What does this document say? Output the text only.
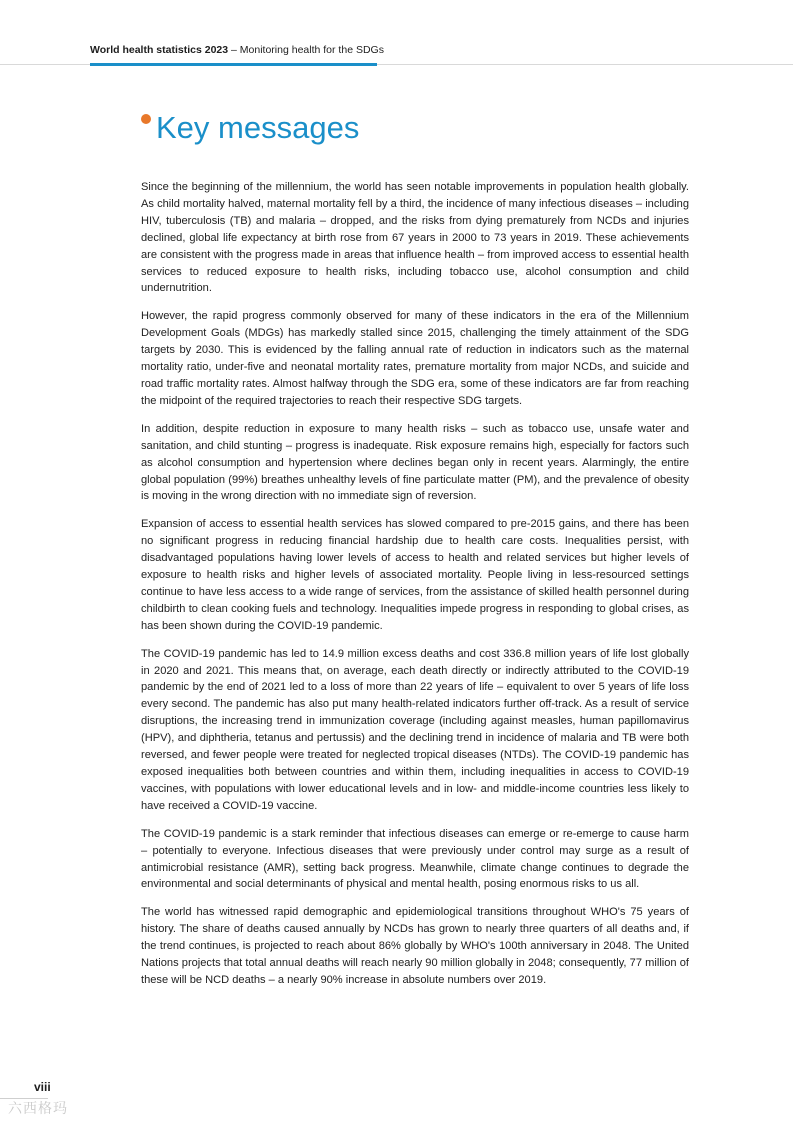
World health statistics 2023 – Monitoring health for the SDGs
Key messages

Since the beginning of the millennium, the world has seen notable improvements in population health globally. As child mortality halved, maternal mortality fell by a third, the incidence of many infectious diseases – including HIV, tuberculosis (TB) and malaria – dropped, and the risks from dying prematurely from NCDs and injuries declined, global life expectancy at birth rose from 67 years in 2000 to 73 years in 2019. These achievements are consistent with the progress made in areas that influence health – from improved access to essential health services to reduced exposure to health risks, including tobacco use, alcohol consumption and child undernutrition.

However, the rapid progress commonly observed for many of these indicators in the era of the Millennium Development Goals (MDGs) has markedly stalled since 2015, challenging the timely attainment of the SDG targets by 2030. This is evidenced by the falling annual rate of reduction in indicators such as the maternal mortality ratio, under-five and neonatal mortality rates, premature mortality from major NCDs, and suicide and road traffic mortality rates. Almost halfway through the SDG era, some of these indicators are far from reaching the midpoint of the required trajectories to reach their respective SDG targets.

In addition, despite reduction in exposure to many health risks – such as tobacco use, unsafe water and sanitation, and child stunting – progress is inadequate. Risk exposure remains high, especially for factors such as alcohol consumption and hypertension where declines began only in recent years. Alarmingly, the entire global population (99%) breathes unhealthy levels of fine particulate matter (PM), and the prevalence of obesity is moving in the wrong direction with no immediate sign of reversion.

Expansion of access to essential health services has slowed compared to pre-2015 gains, and there has been no significant progress in reducing financial hardship due to health care costs. Inequalities persist, with disadvantaged populations having lower levels of access to health and related services but higher levels of exposure to health risks and higher levels of associated mortality. People living in less-resourced settings continue to have less access to a wide range of services, from the assistance of skilled health personnel during childbirth to clean cooking fuels and technology. Inequalities impede progress in responding to global crises, as has been shown during the COVID-19 pandemic.

The COVID-19 pandemic has led to 14.9 million excess deaths and cost 336.8 million years of life lost globally in 2020 and 2021. This means that, on average, each death directly or indirectly attributed to the COVID-19 pandemic by the end of 2021 led to a loss of more than 22 years of life – equivalent to over 5 years of life loss every second. The pandemic has also put many health-related indicators further off-track. As a result of service disruptions, the increasing trend in immunization coverage (including against measles, human papillomavirus (HPV), and diphtheria, tetanus and pertussis) and the declining trend in incidence of malaria and TB were both reversed, and fewer people were treated for neglected tropical diseases (NTDs). The COVID-19 pandemic has exposed inequalities both between countries and within them, including inequalities in access to COVID-19 vaccines, with populations with lower educational levels and in low- and middle-income countries less likely to have received a COVID-19 vaccine.

The COVID-19 pandemic is a stark reminder that infectious diseases can emerge or re-emerge to cause harm – potentially to everyone. Infectious diseases that were previously under control may surge as a result of antimicrobial resistance (AMR), setting back progress. Meanwhile, climate change continues to degrade the environmental and social determinants of physical and mental health, posing enormous risks to us all.

The world has witnessed rapid demographic and epidemiological transitions throughout WHO's 75 years of history. The share of deaths caused annually by NCDs has grown to nearly three quarters of all deaths and, if the trend continues, is projected to reach about 86% globally by WHO's 100th anniversary in 2048. The United Nations projects that total annual deaths will reach nearly 90 million globally in 2048; consequently, 77 million of these will be NCD deaths – a nearly 90% increase in absolute numbers over 2019.

viii
六西格玛
